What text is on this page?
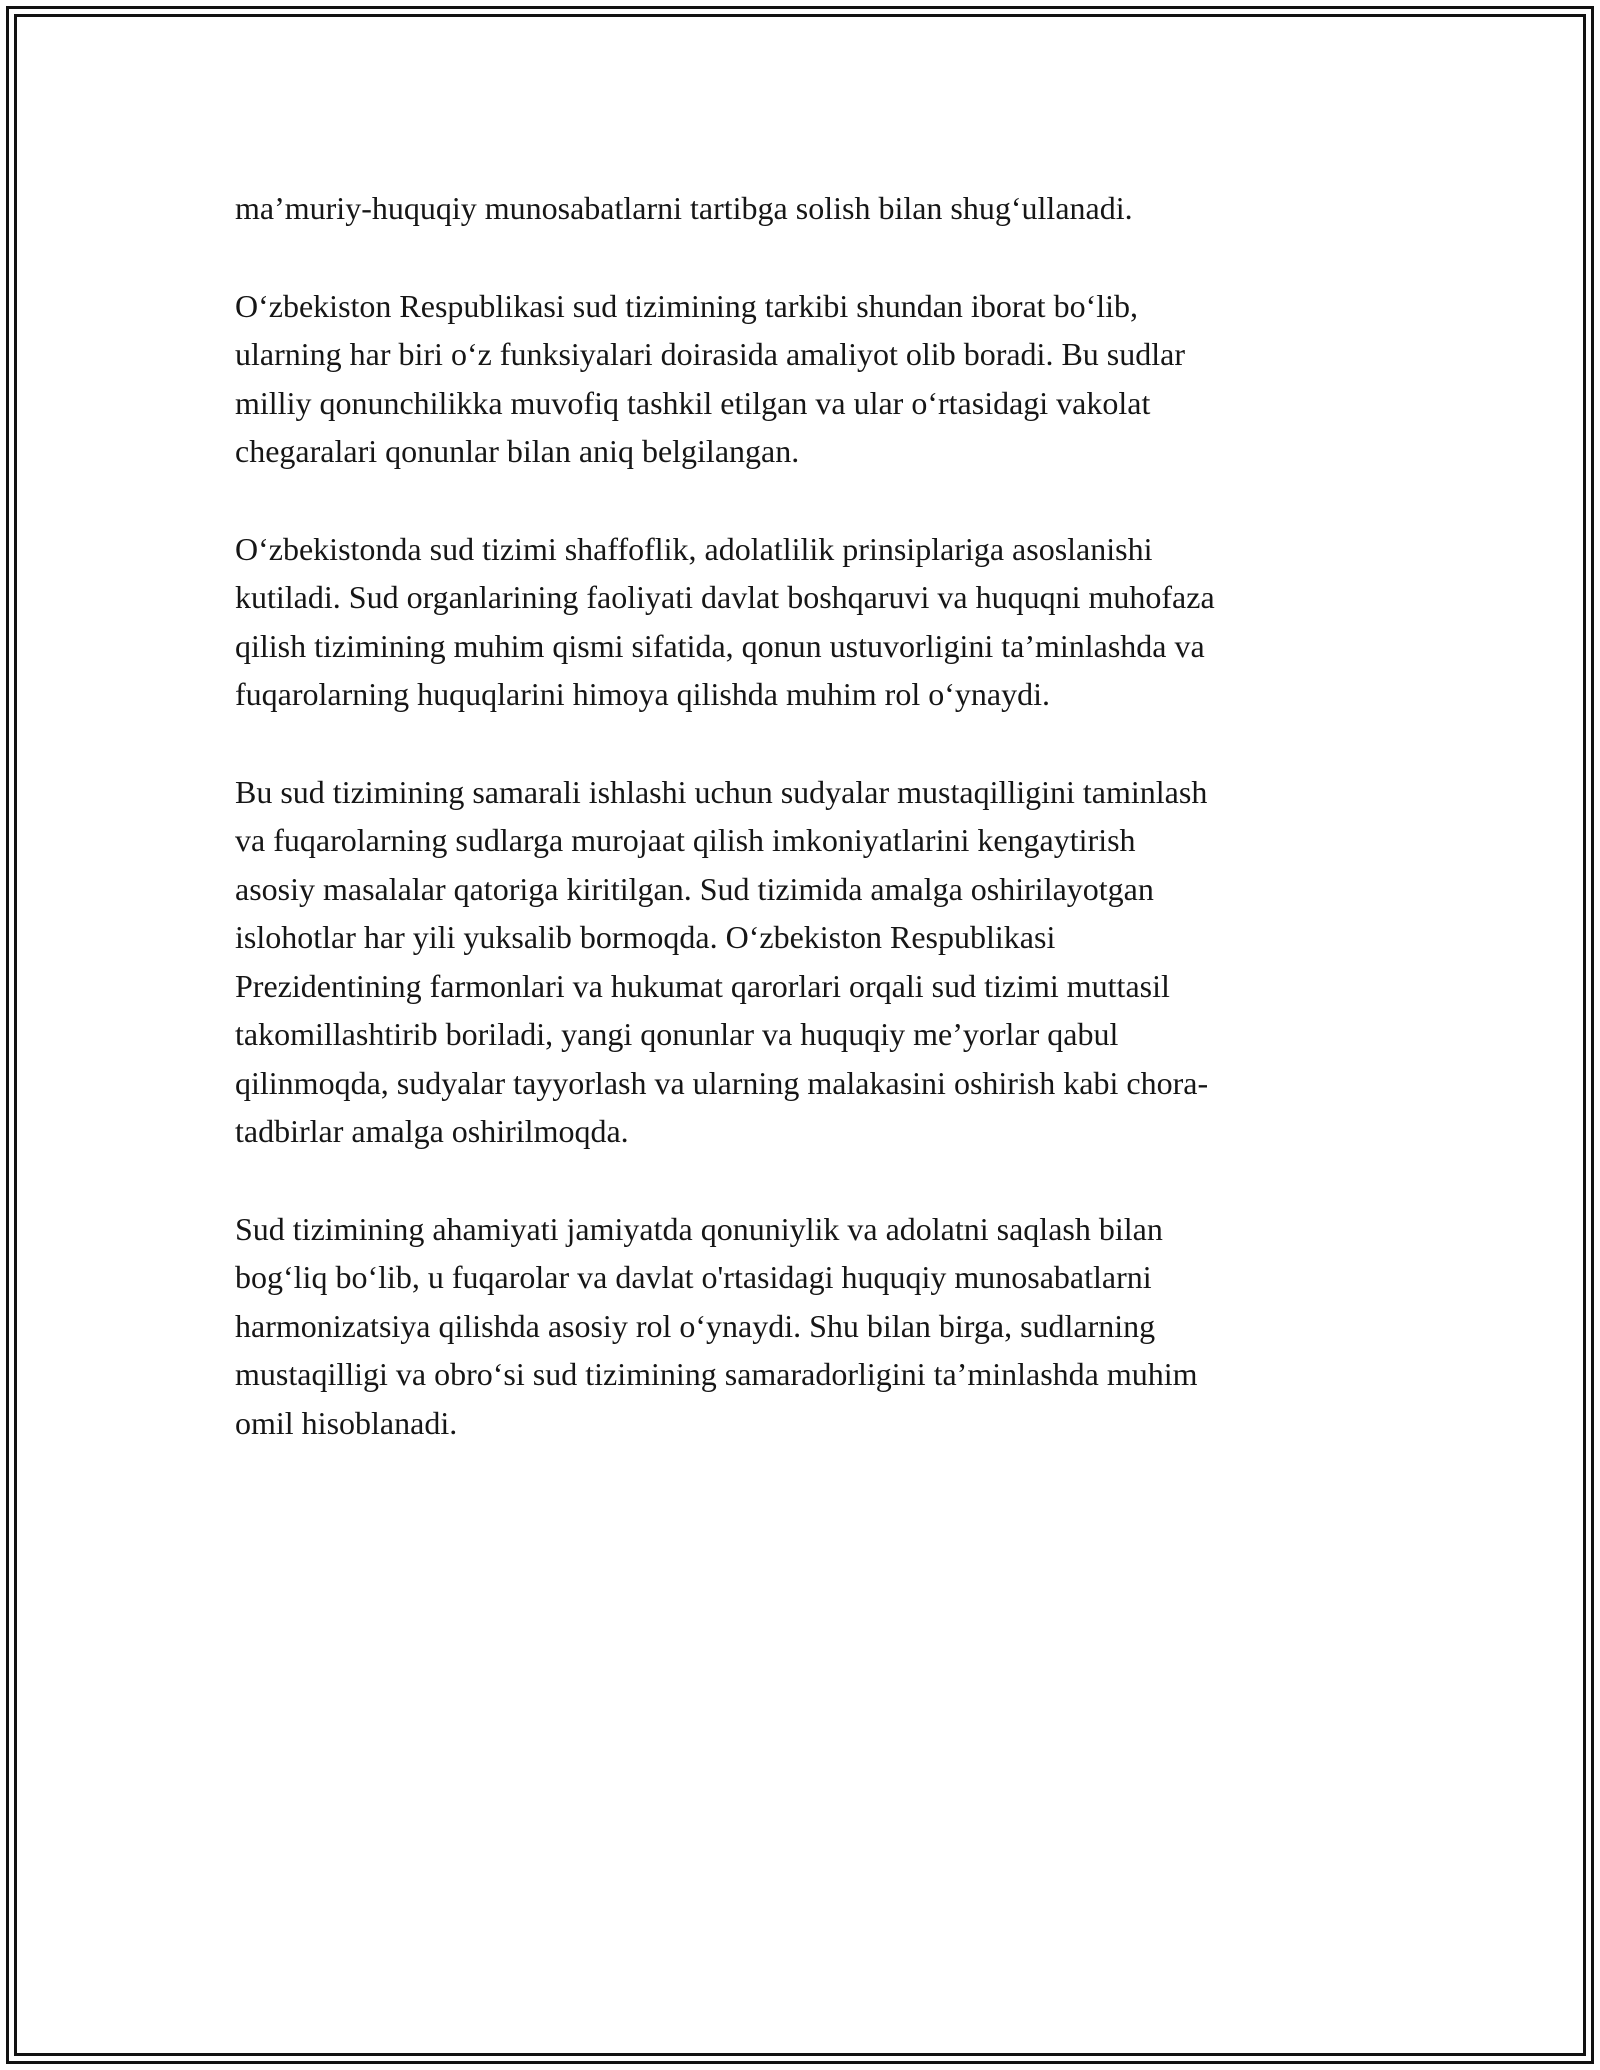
ma’muriy-huquqiy munosabatlarni tartibga solish bilan shug‘ullanadi.

O‘zbekiston Respublikasi sud tizimining tarkibi shundan iborat bo‘lib,
ularning har biri o‘z funksiyalari doirasida amaliyot olib boradi. Bu sudlar
milliy qonunchilikka muvofiq tashkil etilgan va ular o‘rtasidagi vakolat
chegaralari qonunlar bilan aniq belgilangan.

O‘zbekistonda sud tizimi shaffoflik, adolatlilik prinsiplariga asoslanishi
kutiladi. Sud organlarining faoliyati davlat boshqaruvi va huquqni muhofaza
qilish tizimining muhim qismi sifatida, qonun ustuvorligini ta’minlashda va
fuqarolarning huquqlarini himoya qilishda muhim rol o‘ynaydi.

Bu sud tizimining samarali ishlashi uchun sudyalar mustaqilligini taminlash
va fuqarolarning sudlarga murojaat qilish imkoniyatlarini kengaytirish
asosiy masalalar qatoriga kiritilgan. Sud tizimida amalga oshirilayotgan
islohotlar har yili yuksalib bormoqda. O‘zbekiston Respublikasi
Prezidentining farmonlari va hukumat qarorlari orqali sud tizimi muttasil
takomillashtirib boriladi, yangi qonunlar va huquqiy me’yorlar qabul
qilinmoqda, sudyalar tayyorlash va ularning malakasini oshirish kabi chora-
tadbirlar amalga oshirilmoqda.

Sud tizimining ahamiyati jamiyatda qonuniylik va adolatni saqlash bilan
bog‘liq bo‘lib, u fuqarolar va davlat o'rtasidagi huquqiy munosabatlarni
harmonizatsiya qilishda asosiy rol o‘ynaydi. Shu bilan birga, sudlarning
mustaqilligi va obro‘si sud tizimining samaradorligini ta’minlashda muhim
omil hisoblanadi.
